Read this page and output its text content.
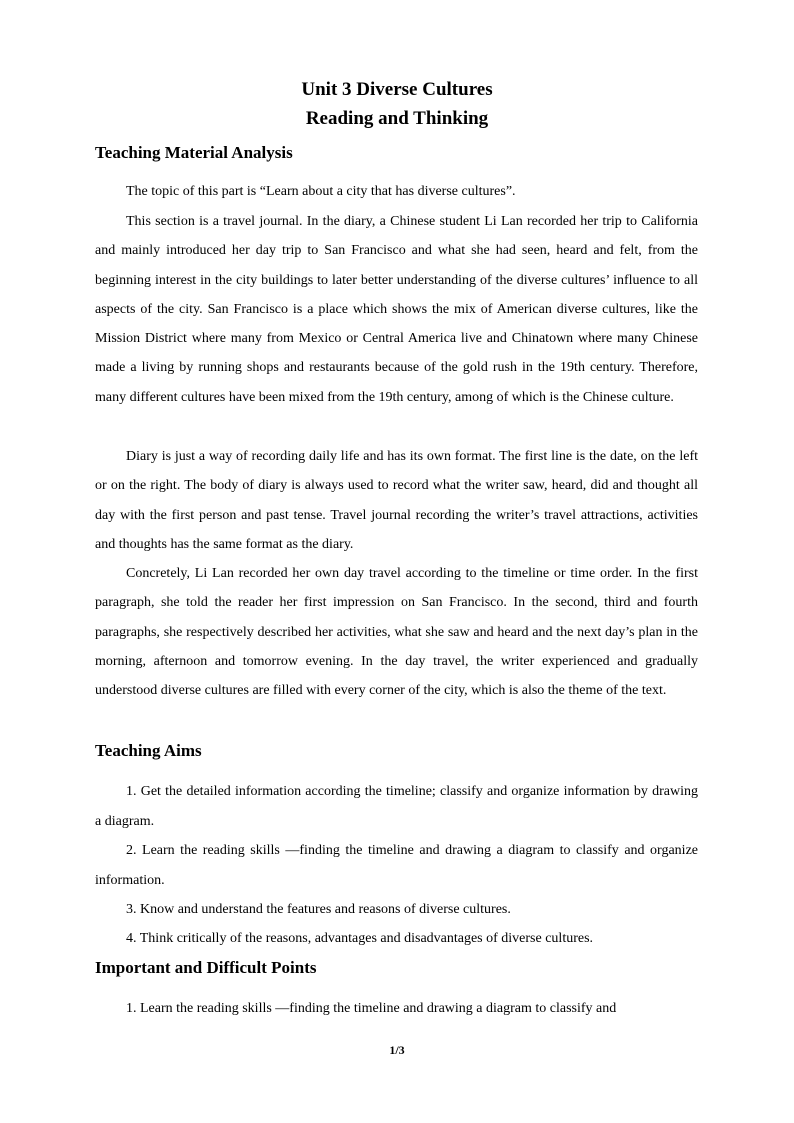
Unit 3 Diverse Cultures
Reading and Thinking
Teaching Material Analysis

The topic of this part is “Learn about a city that has diverse cultures”.

This section is a travel journal. In the diary, a Chinese student Li Lan recorded her trip to California and mainly introduced her day trip to San Francisco and what she had seen, heard and felt, from the beginning interest in the city buildings to later better understanding of the diverse cultures’ influence to all aspects of the city. San Francisco is a place which shows the mix of American diverse cultures, like the Mission District where many from Mexico or Central America live and Chinatown where many Chinese made a living by running shops and restaurants because of the gold rush in the 19th century. Therefore, many different cultures have been mixed from the 19th century, among of which is the Chinese culture.

Diary is just a way of recording daily life and has its own format. The first line is the date, on the left or on the right. The body of diary is always used to record what the writer saw, heard, did and thought all day with the first person and past tense. Travel journal recording the writer’s travel attractions, activities and thoughts has the same format as the diary.

Concretely, Li Lan recorded her own day travel according to the timeline or time order. In the first paragraph, she told the reader her first impression on San Francisco. In the second, third and fourth paragraphs, she respectively described her activities, what she saw and heard and the next day’s plan in the morning, afternoon and tomorrow evening. In the day travel, the writer experienced and gradually understood diverse cultures are filled with every corner of the city, which is also the theme of the text.

Teaching Aims

1. Get the detailed information according the timeline; classify and organize information by drawing a diagram.

2. Learn the reading skills —finding the timeline and drawing a diagram to classify and organize information.

3. Know and understand the features and reasons of diverse cultures.

4. Think critically of the reasons, advantages and disadvantages of diverse cultures.

Important and Difficult Points

1. Learn the reading skills —finding the timeline and drawing a diagram to classify and

1/3
